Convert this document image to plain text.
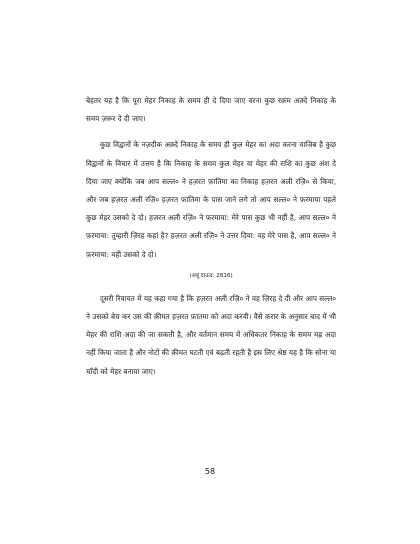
बेहतर यह है कि पूरा मेहर निकाह के समय ही दे दिया जाए वरना कुछ रक़म अक़्दे निकाह के समय ज़रूर दे दी जाए।

कुछ विद्वानों के नज़दीक अक़्दे निकाह के समय ही कुल मेहर का अदा करना वाजिब है कुछ विद्वानों के विचार में उत्तम है कि निकाह के समय कुल मेहर या मेहर की राशि का कुछ अंश दे दिया जाए क्योंकि जब आप सल्ल० ने हज़रत फ़ातिमा का निकाह हज़रत अली रज़ि० से किया, और जब हज़रत अली रज़ि० हज़रत फ़ातिमा के पास जाने लगे तो आप सल्ल० ने फ़रमाया पहले कुछ मेहर उसको दे दो। हज़रत अली रज़ि० ने फ़रमाया: मेरे पास कुछ भी नहीं है, आप सल्ल० ने फ़रमाया: तुम्हारी ज़िरह कहां है? हज़रत अली रज़ि० ने उत्तर दिया: वह मेरे पास है, आप सल्ल० ने फ़रमाया: वही उसको दे दो।

(अबू दाऊद: 2816)

दूसरी रिवायत में यह कहा गया है कि हज़रत अली रज़ि० ने वह ज़िरह दे दी और आप सल्ल० ने उसको बेच कर उस की क़ीमत हज़रत फ़ातमा को अदा करवी। वैसे क़रार के अनुसार बाद में भी मेहर की राशि अदा की जा सकती है, और वर्तमान समय में अधिकतर निकाह के समय मह्र अदा नहीं किया जाता है और नोटों की क़ीमत घटती एवं बढ़ती रहती है इस लिए श्रेष्ठ यह है कि सोना या चाँदी को मेहर बनाया जाए।

58
